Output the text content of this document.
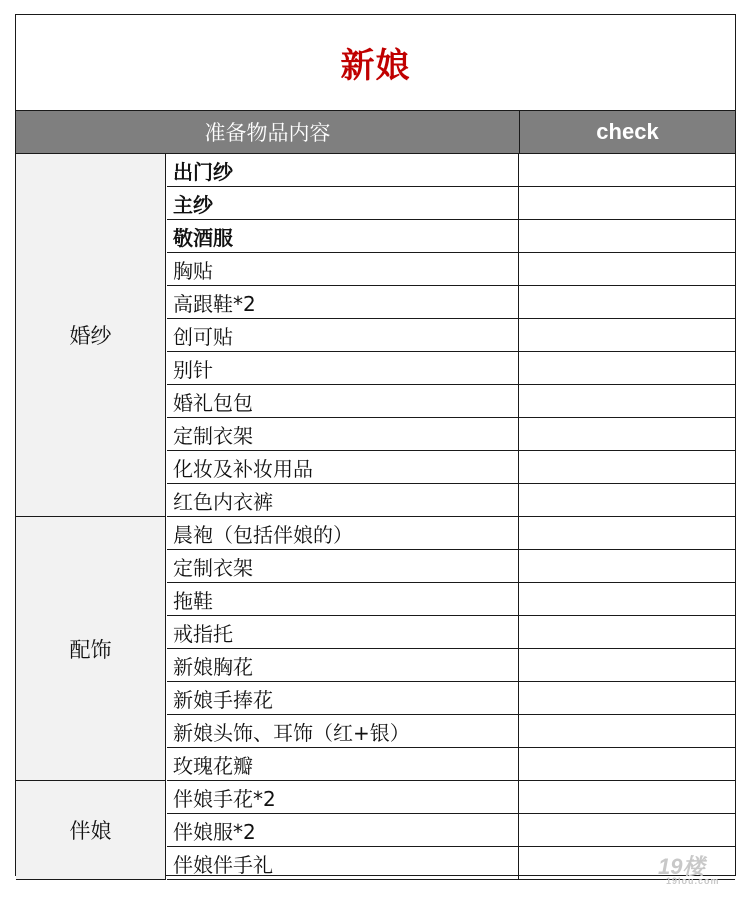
新娘
准备物品内容	check
婚纱
出门纱
主纱
敬酒服
胸贴
高跟鞋*2
创可贴
别针
婚礼包包
定制衣架
化妆及补妆用品
红色内衣裤
配饰
晨袍（包括伴娘的）
定制衣架
拖鞋
戒指托
新娘胸花
新娘手捧花
新娘头饰、耳饰（红+银）
玫瑰花瓣
伴娘
伴娘手花*2
伴娘服*2
伴娘伴手礼	19楼
19lou.com
